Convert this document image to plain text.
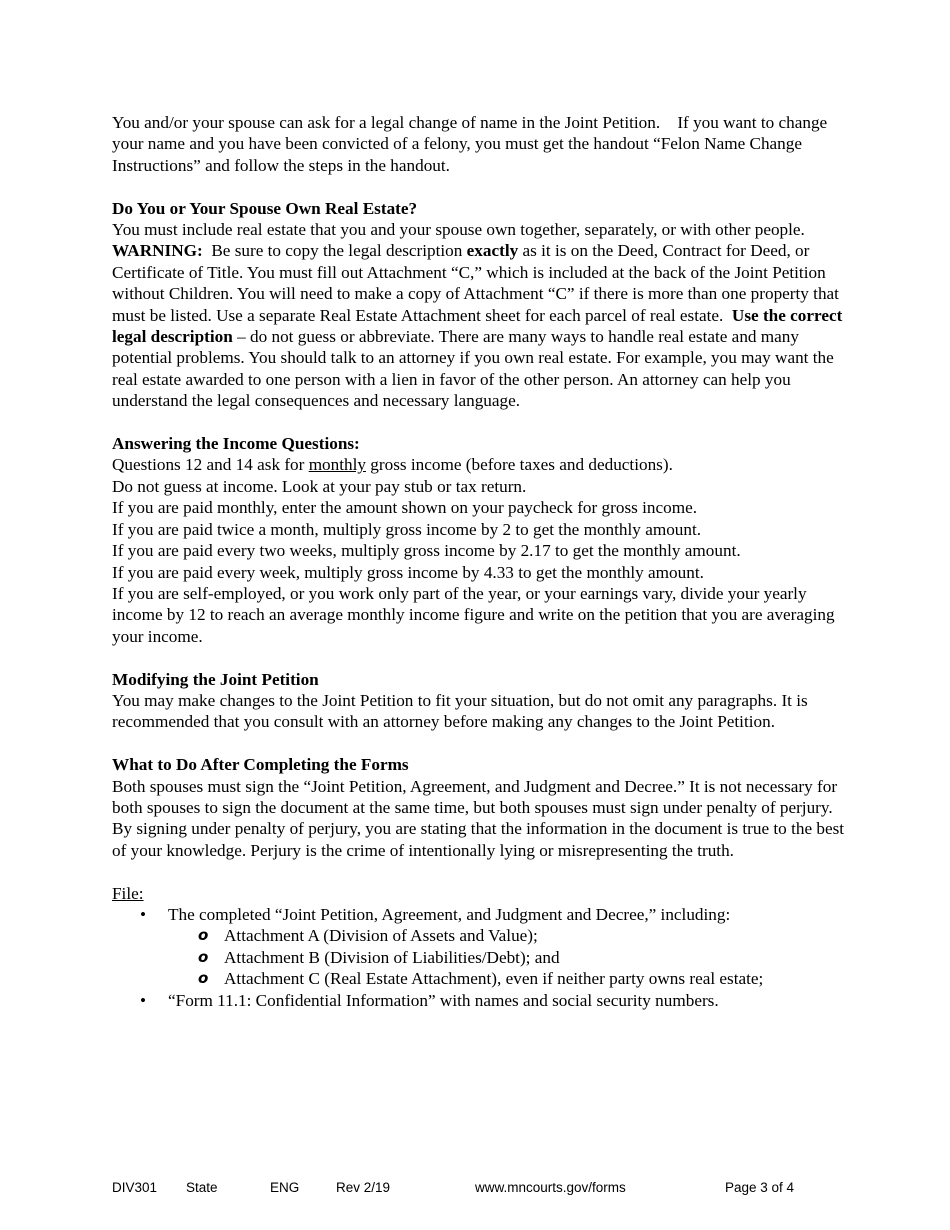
You and/or your spouse can ask for a legal change of name in the Joint Petition.    If you want to change your name and you have been convicted of a felony, you must get the handout “Felon Name Change Instructions” and follow the steps in the handout.

Do You or Your Spouse Own Real Estate?

You must include real estate that you and your spouse own together, separately, or with other people.  WARNING: Be sure to copy the legal description exactly as it is on the Deed, Contract for Deed, or Certificate of Title. You must fill out Attachment “C,” which is included at the back of the Joint Petition without Children. You will need to make a copy of Attachment “C” if there is more than one property that must be listed. Use a separate Real Estate Attachment sheet for each parcel of real estate. Use the correct legal description – do not guess or abbreviate. There are many ways to handle real estate and many potential problems. You should talk to an attorney if you own real estate. For example, you may want the real estate awarded to one person with a lien in favor of the other person. An attorney can help you understand the legal consequences and necessary language.

Answering the Income Questions:

Questions 12 and 14 ask for monthly gross income (before taxes and deductions).

Do not guess at income. Look at your pay stub or tax return.

If you are paid monthly, enter the amount shown on your paycheck for gross income.

If you are paid twice a month, multiply gross income by 2 to get the monthly amount.

If you are paid every two weeks, multiply gross income by 2.17 to get the monthly amount.

If you are paid every week, multiply gross income by 4.33 to get the monthly amount.

If you are self-employed, or you work only part of the year, or your earnings vary, divide your yearly income by 12 to reach an average monthly income figure and write on the petition that you are averaging your income.

Modifying the Joint Petition

You may make changes to the Joint Petition to fit your situation, but do not omit any paragraphs. It is recommended that you consult with an attorney before making any changes to the Joint Petition.

What to Do After Completing the Forms

Both spouses must sign the “Joint Petition, Agreement, and Judgment and Decree.” It is not necessary for both spouses to sign the document at the same time, but both spouses must sign under penalty of perjury. By signing under penalty of perjury, you are stating that the information in the document is true to the best of your knowledge. Perjury is the crime of intentionally lying or misrepresenting the truth.

File:

• The completed “Joint Petition, Agreement, and Judgment and Decree,” including:
o Attachment A (Division of Assets and Value);
o Attachment B (Division of Liabilities/Debt); and
o Attachment C (Real Estate Attachment), even if neither party owns real estate;
• “Form 11.1: Confidential Information” with names and social security numbers.
DIV301 State	ENG	Rev 2/19	www.mncourts.gov/forms	Page 3 of 4
